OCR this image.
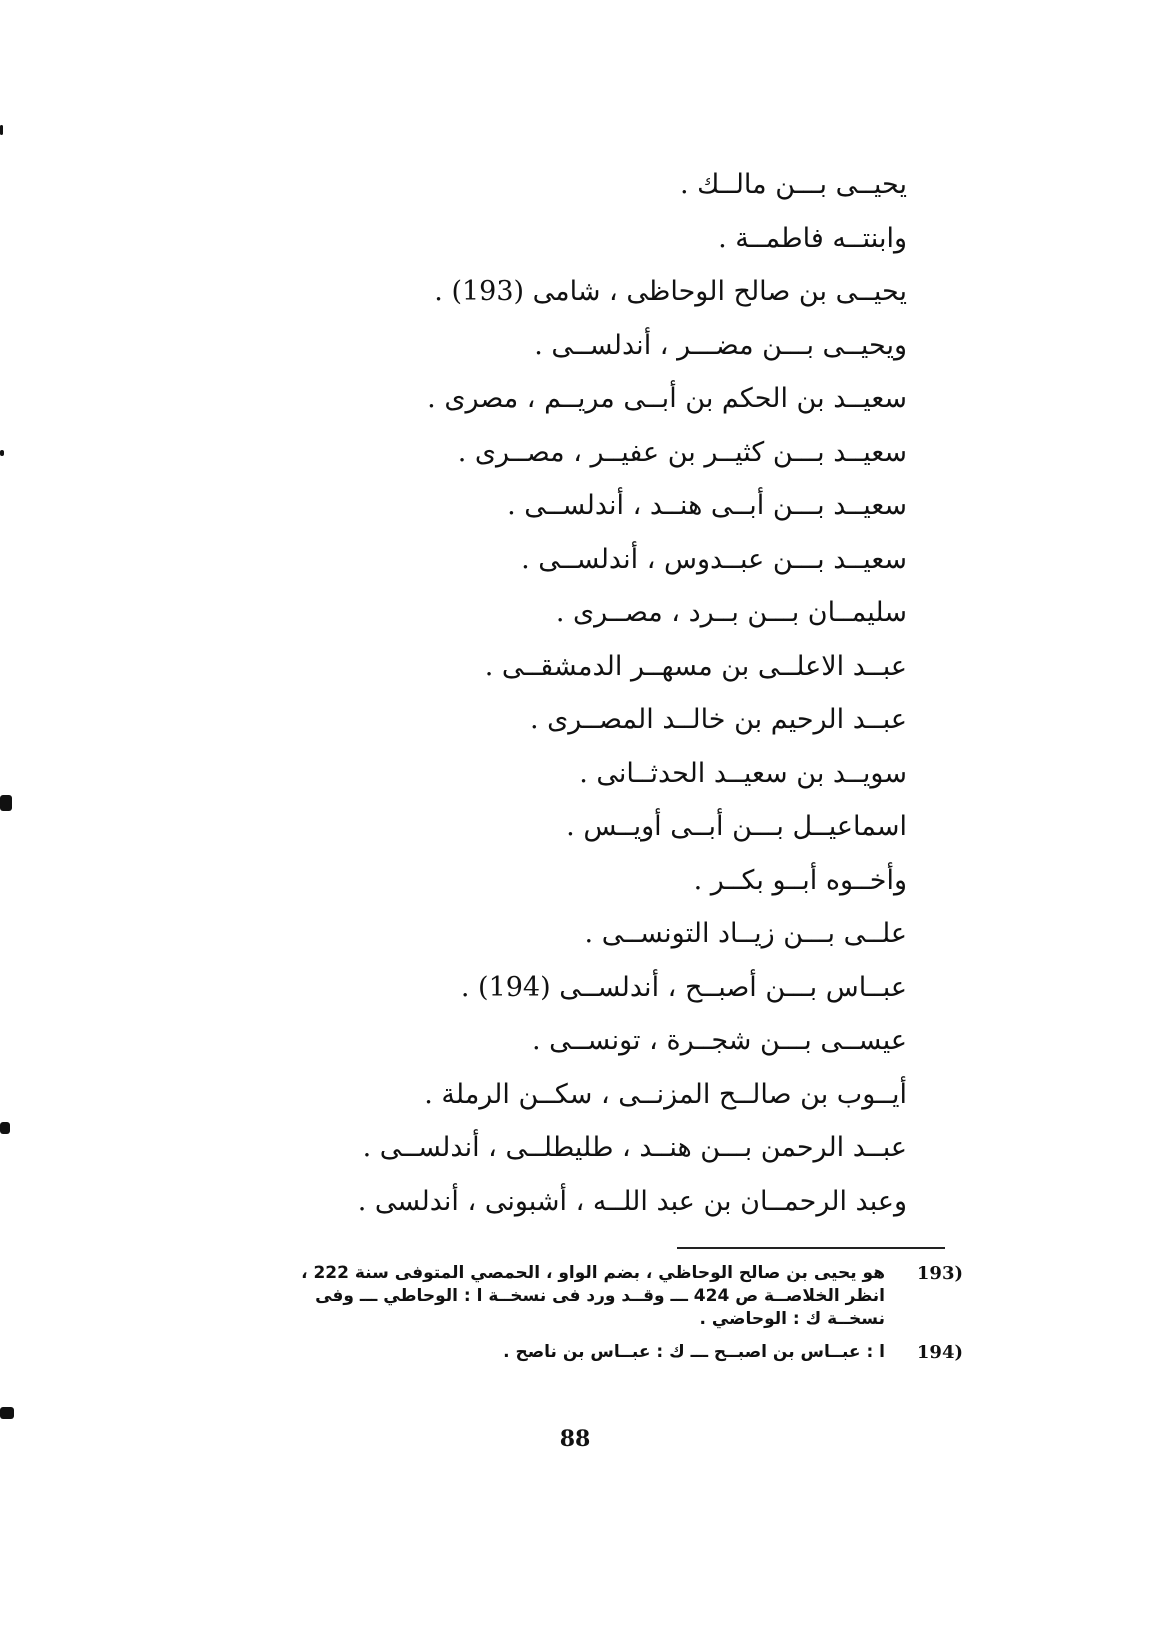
يحيــى بـــن مالــك .
وابنتــه فاطمــة .
يحيــى بن صالح الوحاظى ، شامى (193) .
ويحيــى بـــن مضـــر ، أندلســى .
سعيــد بن الحكم بن أبــى مريــم ، مصرى .
سعيــد بـــن كثيــر بن عفيــر ، مصــرى .
سعيــد بـــن أبــى هنــد ، أندلســى .
سعيــد بـــن عبــدوس ، أندلســى .
سليمــان بـــن بــرد ، مصــرى .
عبــد الاعلــى بن مسهــر الدمشقــى .
عبــد الرحيم بن خالــد المصــرى .
سويــد بن سعيــد الحدثــانى .
اسماعيــل بـــن أبــى أويــس .
وأخــوه أبــو بكــر .
علــى بـــن زيــاد التونســى .
عبــاس بـــن أصبــح ، أندلســى (194) .
عيســى بـــن شجــرة ، تونســى .
أيــوب بن صالــح المزنــى ، سكــن الرملة .
عبــد الرحمن بـــن هنــد ، طليطلــى ، أندلســى .
وعبد الرحمــان بن عبد اللــه ، أشبونى ، أندلسى .
(193
هو يحيى بن صالح الوحاظي ، بضم الواو ، الحمصي المتوفى سنة 222 ،
انظر الخلاصــة ص 424 ـــ وقــد ورد فى نسخــة ا : الوحاطي ـــ وفى
نسخــة ك : الوحاضي .
(194
ا : عبــاس بن اصبــح ـــ ك : عبــاس بن ناصح .
88
